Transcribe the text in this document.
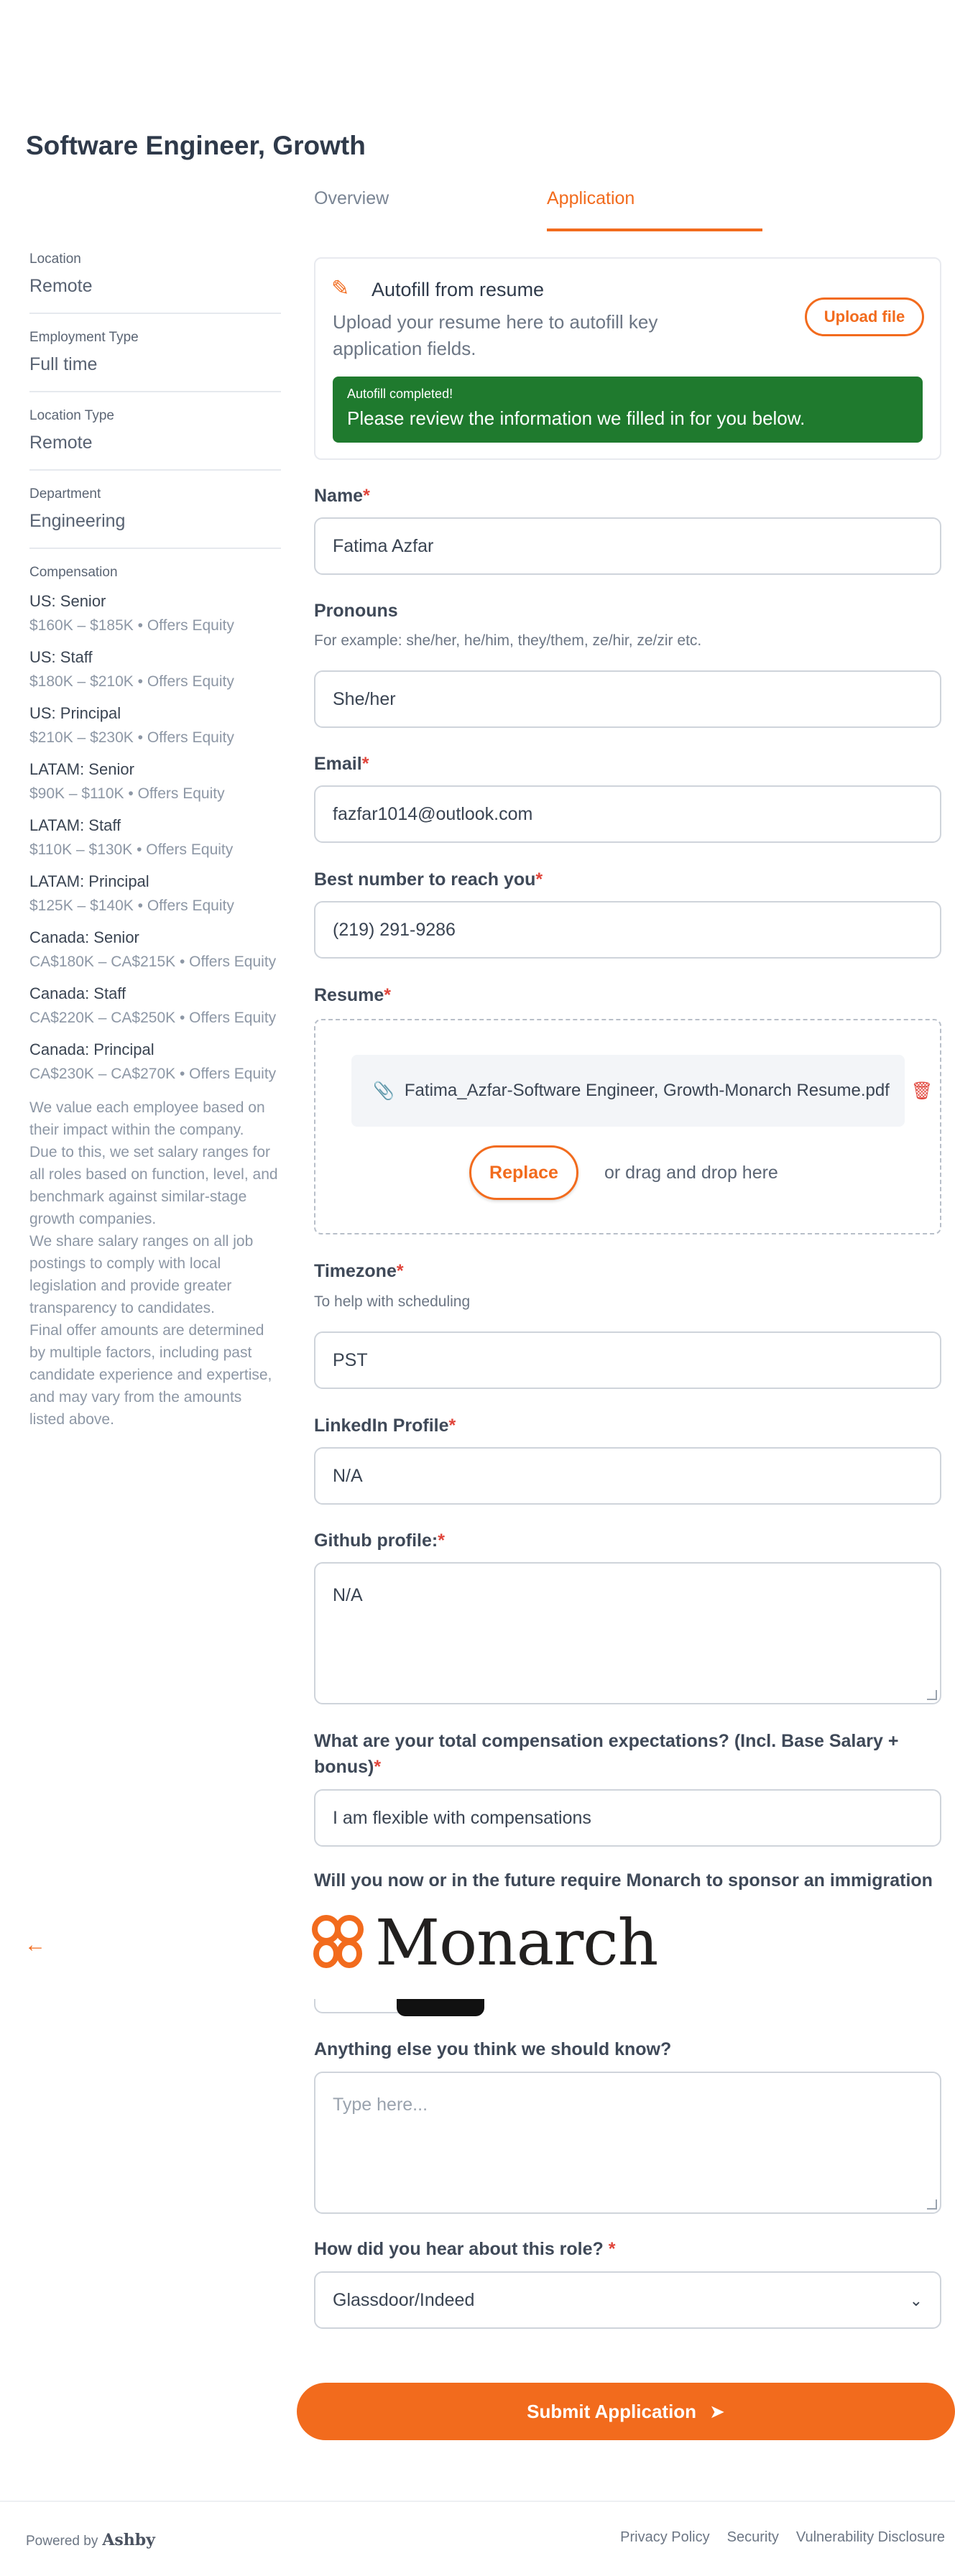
Software Engineer, Growth
Overview	Application
Location
Remote
Employment Type
Full time
Location Type
Remote
Department
Engineering
Compensation
US: Senior
$160K – $185K • Offers Equity
US: Staff
$180K – $210K • Offers Equity
US: Principal
$210K – $230K • Offers Equity
LATAM: Senior
$90K – $110K • Offers Equity
LATAM: Staff
$110K – $130K • Offers Equity
LATAM: Principal
$125K – $140K • Offers Equity
Canada: Senior
CA$180K – CA$215K • Offers Equity
Canada: Staff
CA$220K – CA$250K • Offers Equity
Canada: Principal
CA$230K – CA$270K • Offers Equity
We value each employee based on their impact within the company.
Due to this, we set salary ranges for all roles based on function, level, and benchmark against similar-stage growth companies.
We share salary ranges on all job postings to comply with local legislation and provide greater transparency to candidates.
Final offer amounts are determined by multiple factors, including past candidate experience and expertise, and may vary from the amounts listed above.
←
✎ Autofill from resume
Upload your resume here to autofill key application fields.
Upload file
Autofill completed!
Please review the information we filled in for you below.
Name*
Fatima Azfar
Pronouns
For example: she/her, he/him, they/them, ze/hir, ze/zir etc.
She/her
Email*
fazfar1014@outlook.com
Best number to reach you*
(219) 291-9286
Resume*
📎 Fatima_Azfar-Software Engineer, Growth-Monarch Resume.pdf 🗑
Replace	or drag and drop here
Timezone*
To help with scheduling
PST
LinkedIn Profile*
N/A
Github profile:*
N/A
What are your total compensation expectations? (Incl. Base Salary + bonus)*
I am flexible with compensations
Will you now or in the future require Monarch to sponsor an immigration
Monarch
Anything else you think we should know?
Type here...
How did you hear about this role? *
Glassdoor/Indeed	⌄
Submit Application ➤
Powered by Ashby	Privacy Policy Security Vulnerability Disclosure
